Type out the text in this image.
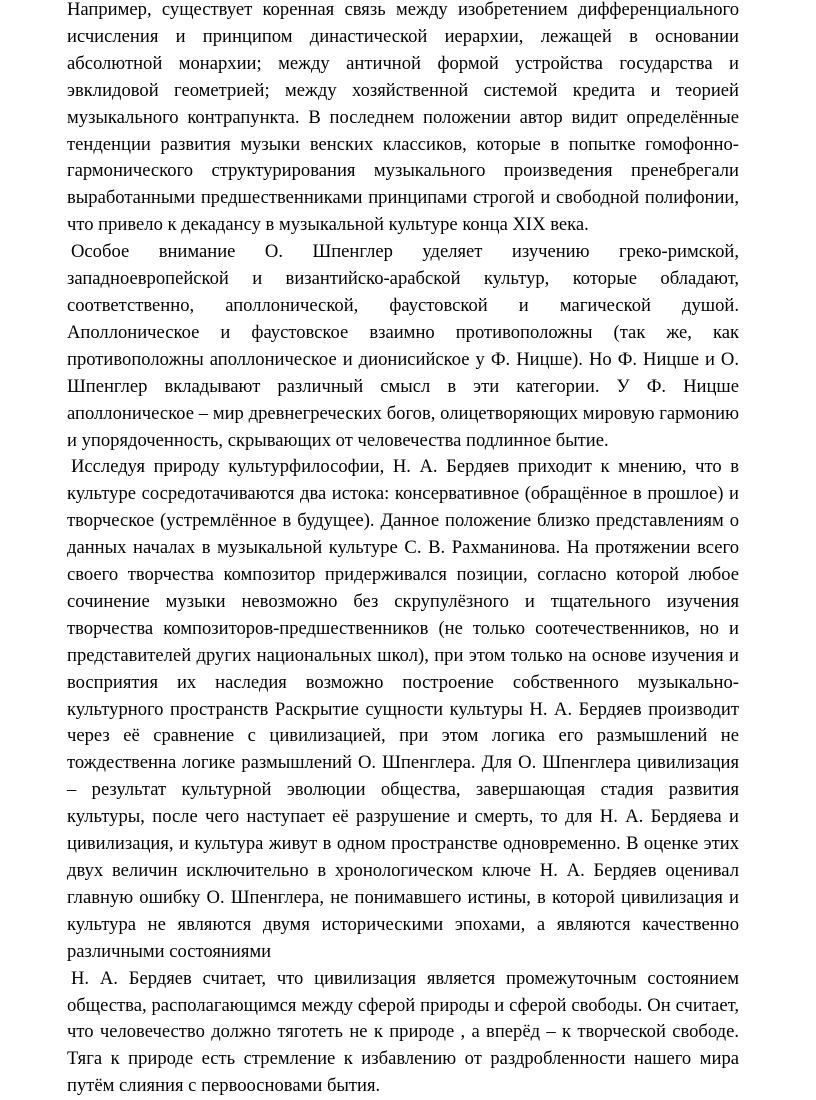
Например, существует коренная связь между изобретением дифференциального исчисления и принципом династической иерархии, лежащей в основании абсолютной монархии; между античной формой устройства государства и эвклидовой геометрией; между хозяйственной системой кредита и теорией музыкального контрапункта. В последнем положении автор видит определённые тенденции развития музыки венских классиков, которые в попытке гомофонно-гармонического структурирования музыкального произведения пренебрегали выработанными предшественниками принципами строгой и свободной полифонии, что привело к декадансу в музыкальной культуре конца XIX века.

Особое внимание О. Шпенглер уделяет изучению греко-римской, западноевропейской и византийско-арабской культур, которые обладают, соответственно, аполлонической, фаустовской и магической душой. Аполлоническое и фаустовское взаимно противоположны (так же, как противоположны аполлоническое и дионисийское у Ф. Ницше). Но Ф. Ницше и О. Шпенглер вкладывают различный смысл в эти категории. У Ф. Ницше аполлоническое – мир древнегреческих богов, олицетворяющих мировую гармонию и упорядоченность, скрывающих от человечества подлинное бытие.

Исследуя природу культурфилософии, Н. А. Бердяев приходит к мнению, что в культуре сосредотачиваются два истока: консервативное (обращённое в прошлое) и творческое (устремлённое в будущее). Данное положение близко представлениям о данных началах в музыкальной культуре С. В. Рахманинова. На протяжении всего своего творчества композитор придерживался позиции, согласно которой любое сочинение музыки невозможно без скрупулёзного и тщательного изучения творчества композиторов-предшественников (не только соотечественников, но и представителей других национальных школ), при этом только на основе изучения и восприятия их наследия возможно построение собственного музыкально-культурного пространств Раскрытие сущности культуры Н. А. Бердяев производит через её сравнение с цивилизацией, при этом логика его размышлений не тождественна логике размышлений О. Шпенглера. Для О. Шпенглера цивилизация – результат культурной эволюции общества, завершающая стадия развития культуры, после чего наступает её разрушение и смерть, то для Н. А. Бердяева и цивилизация, и культура живут в одном пространстве одновременно. В оценке этих двух величин исключительно в хронологическом ключе Н. А. Бердяев оценивал главную ошибку О. Шпенглера, не понимавшего истины, в которой цивилизация и культура не являются двумя историческими эпохами, а являются качественно различными состояниями

Н. А. Бердяев считает, что цивилизация является промежуточным состоянием общества, располагающимся между сферой природы и сферой свободы. Он считает, что человечество должно тяготеть не к природе , а вперёд – к творческой свободе. Тяга к природе есть стремление к избавлению от раздробленности нашего мира путём слияния с первоосновами бытия.
